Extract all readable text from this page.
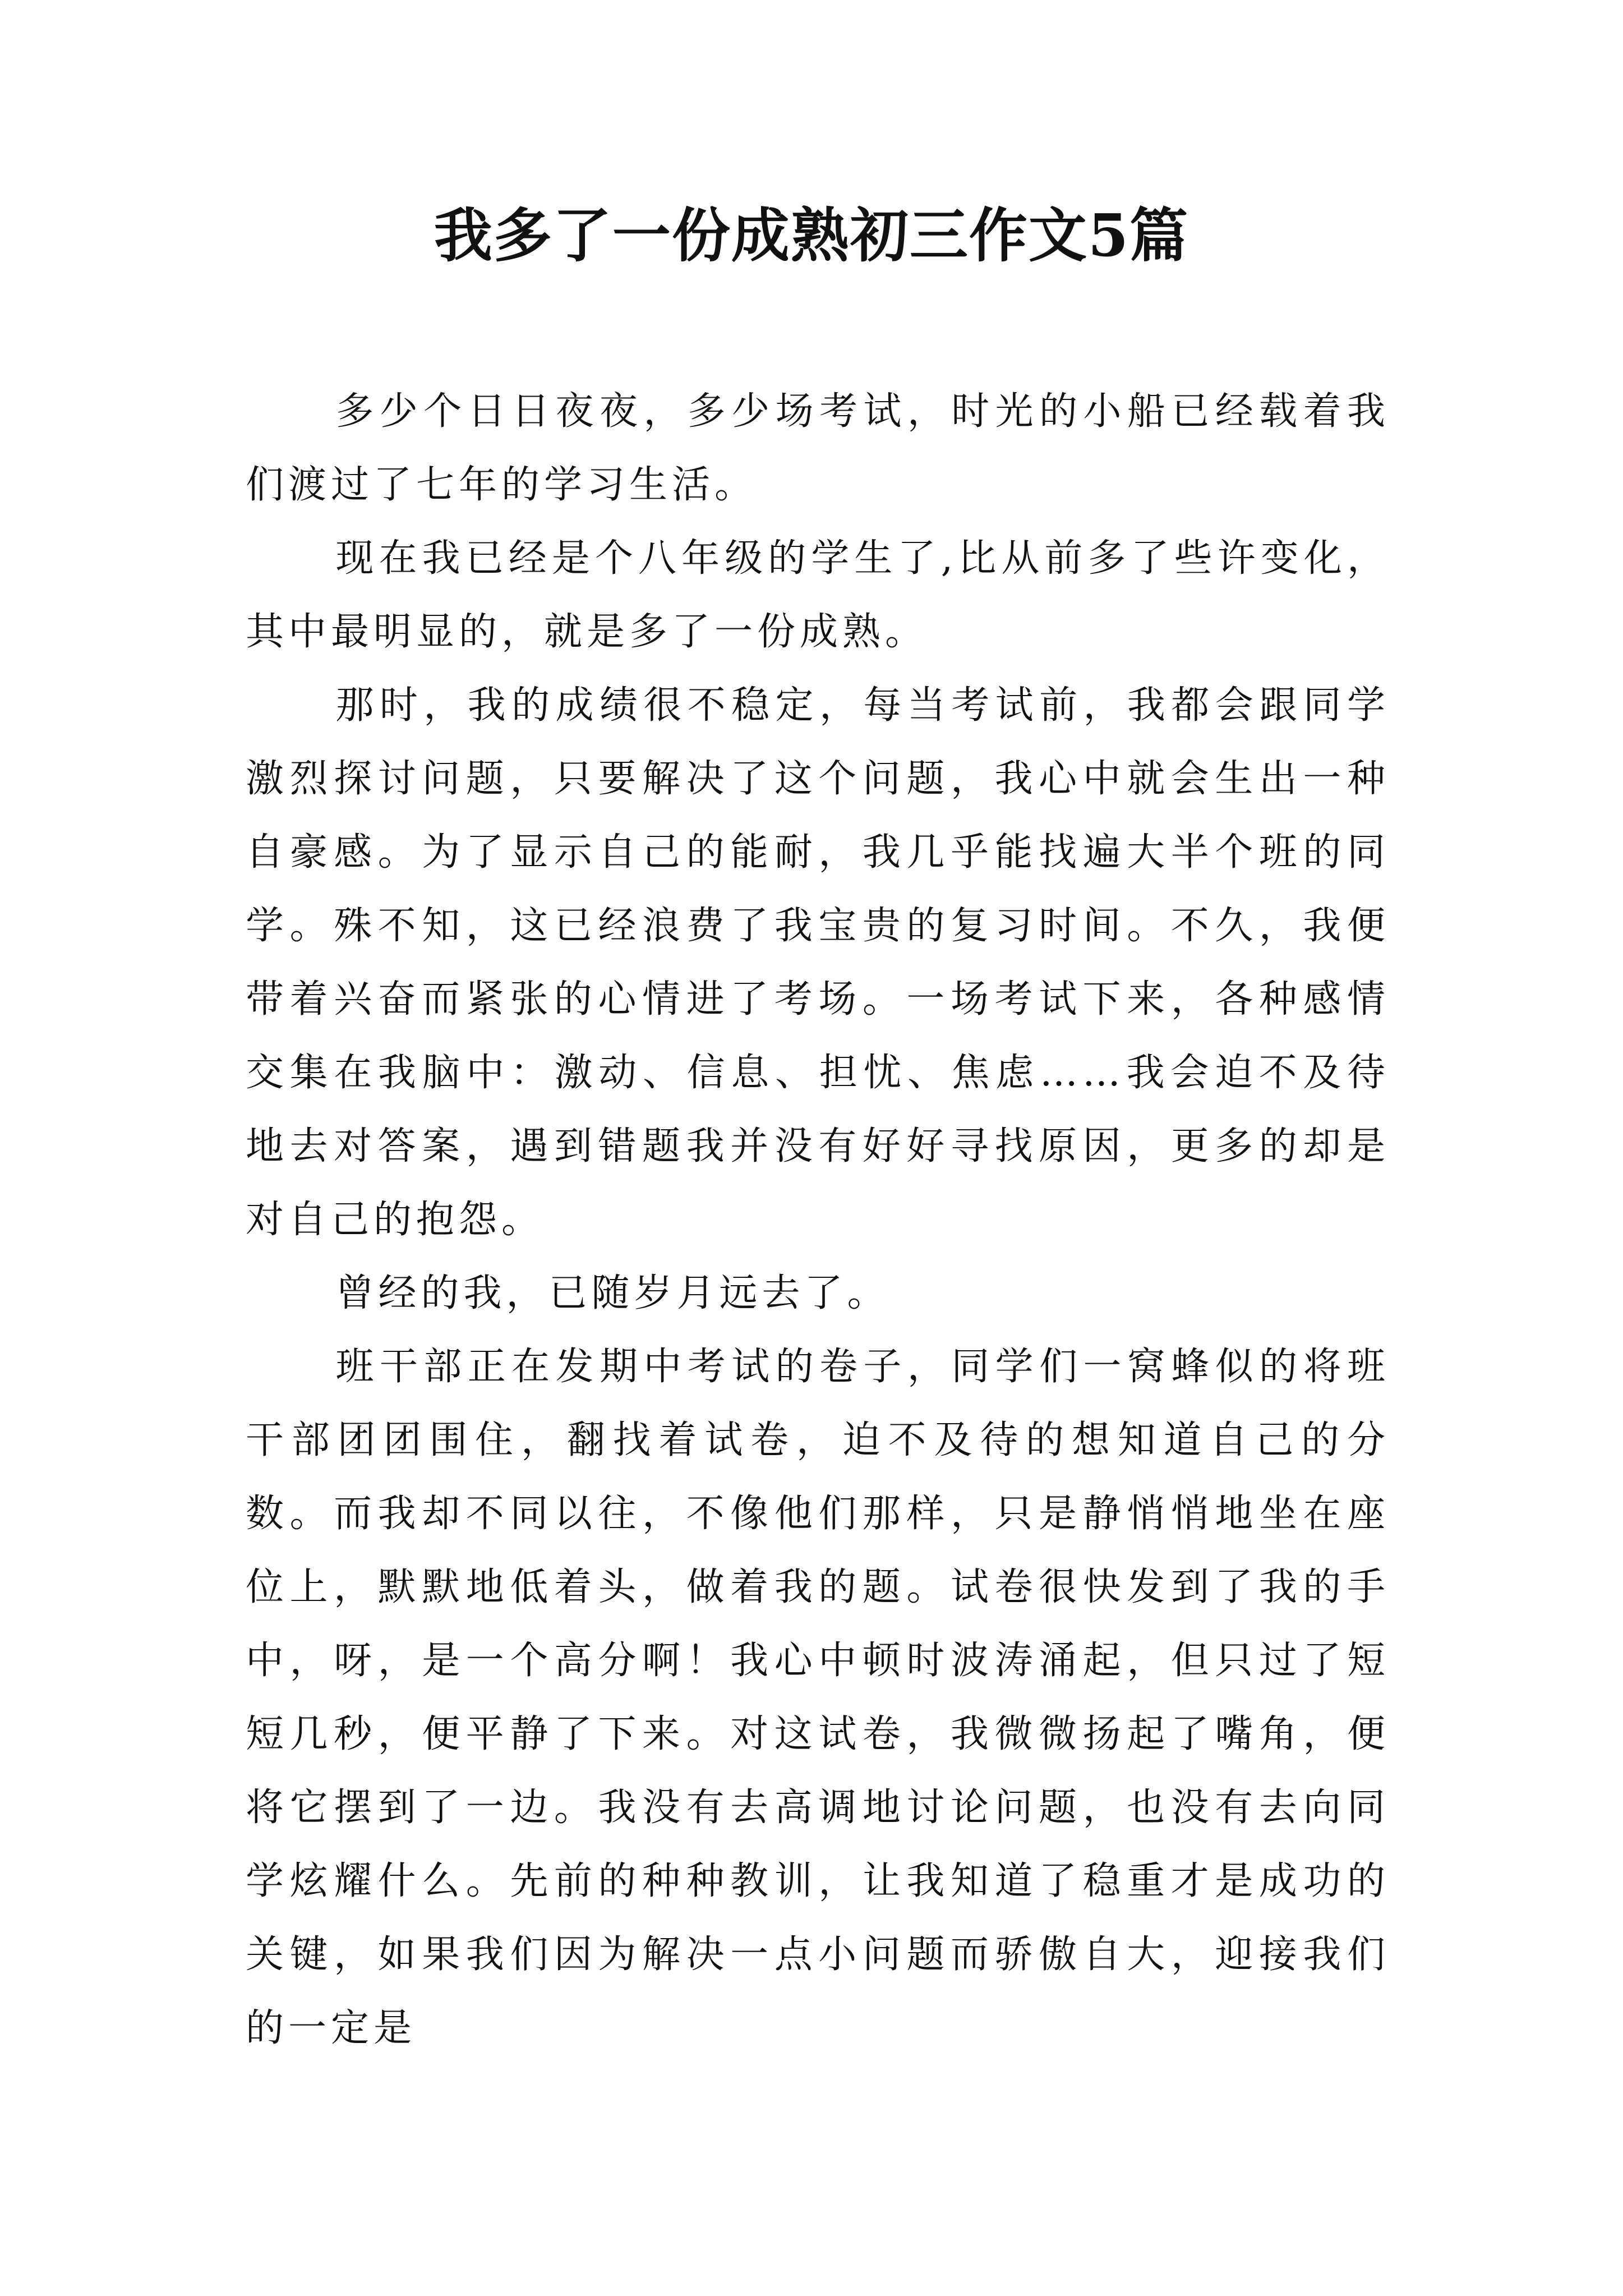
我多了一份成熟初三作文5篇

多少个日日夜夜，多少场考试，时光的小船已经载着我们渡过了七年的学习生活。

现在我已经是个八年级的学生了,比从前多了些许变化，其中最明显的，就是多了一份成熟。

那时，我的成绩很不稳定，每当考试前，我都会跟同学激烈探讨问题，只要解决了这个问题，我心中就会生出一种自豪感。为了显示自己的能耐，我几乎能找遍大半个班的同学。殊不知，这已经浪费了我宝贵的复习时间。不久，我便带着兴奋而紧张的心情进了考场。一场考试下来，各种感情交集在我脑中：激动、信息、担忧、焦虑……我会迫不及待地去对答案，遇到错题我并没有好好寻找原因，更多的却是对自己的抱怨。

曾经的我，已随岁月远去了。

班干部正在发期中考试的卷子，同学们一窝蜂似的将班干部团团围住，翻找着试卷，迫不及待的想知道自己的分数。而我却不同以往，不像他们那样，只是静悄悄地坐在座位上，默默地低着头，做着我的题。试卷很快发到了我的手中，呀，是一个高分啊！我心中顿时波涛涌起，但只过了短短几秒，便平静了下来。对这试卷，我微微扬起了嘴角，便将它摆到了一边。我没有去高调地讨论问题，也没有去向同学炫耀什么。先前的种种教训，让我知道了稳重才是成功的关键，如果我们因为解决一点小问题而骄傲自大，迎接我们的一定是
